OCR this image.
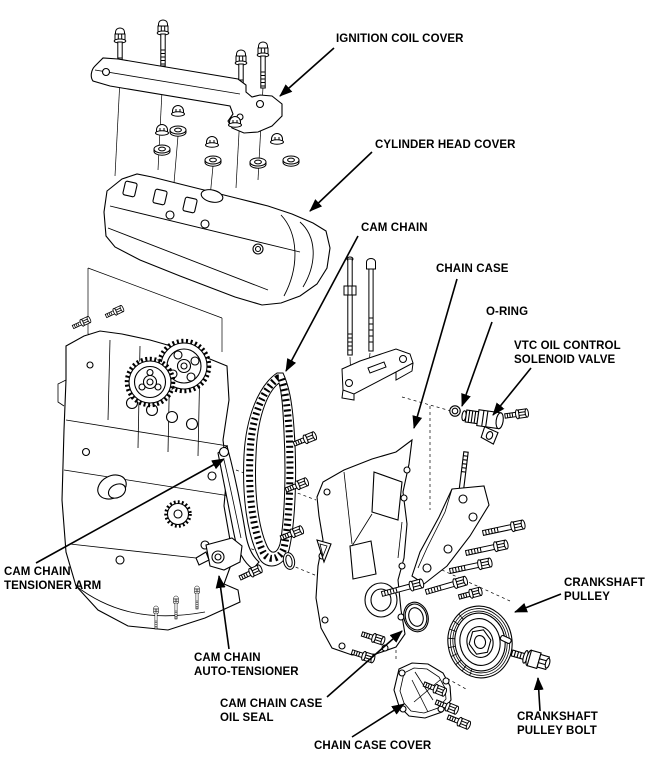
IGNITION COIL COVER
CYLINDER HEAD COVER
CAM CHAIN
CHAIN CASE
O-RING
VTC OIL CONTROL
SOLENOID VALVE
CAM CHAIN
TENSIONER ARM
CAM CHAIN
AUTO-TENSIONER
CAM CHAIN CASE
OIL SEAL
CHAIN CASE COVER
CRANKSHAFT
PULLEY
CRANKSHAFT
PULLEY BOLT
